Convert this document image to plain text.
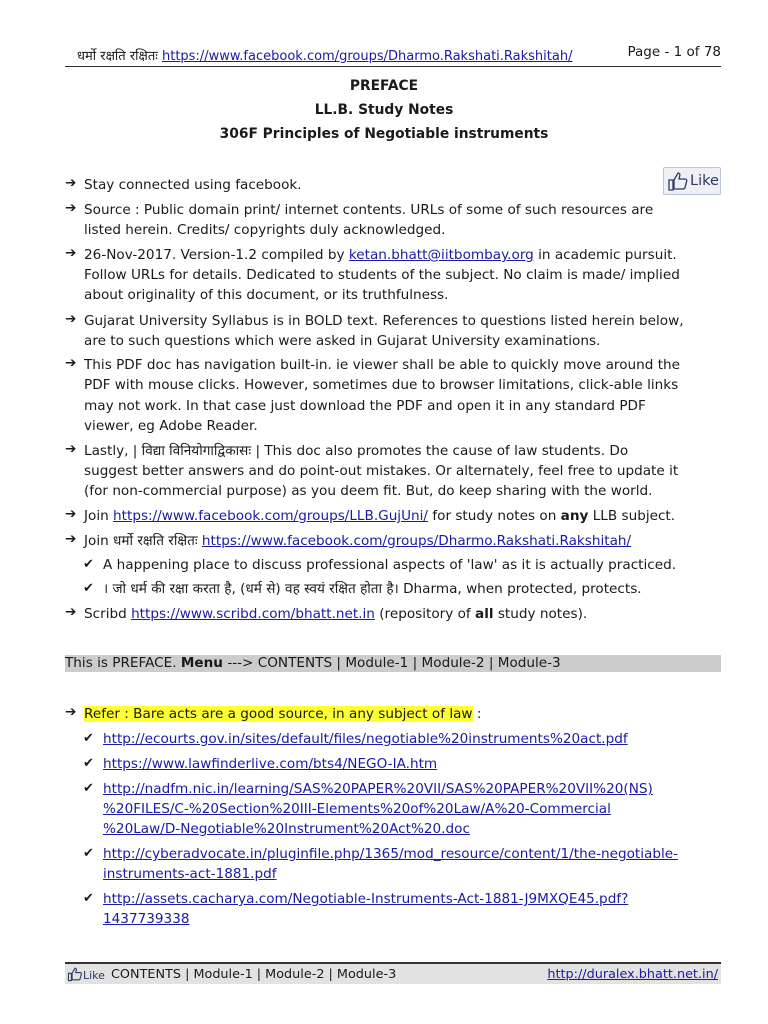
धर्मो रक्षति रक्षितः https://www.facebook.com/groups/Dharmo.Rakshati.Rakshitah/	Page - 1 of 78
PREFACE
LL.B. Study Notes
306F Principles of Negotiable instruments
Like
➔ Stay connected using facebook.
➔ Source : Public domain print/ internet contents. URLs of some of such resources are
listed herein. Credits/ copyrights duly acknowledged.
➔ 26-Nov-2017. Version-1.2 compiled by ketan.bhatt@iitbombay.org in academic pursuit.
Follow URLs for details. Dedicated to students of the subject. No claim is made/ implied
about originality of this document, or its truthfulness.
➔ Gujarat University Syllabus is in BOLD text. References to questions listed herein below,
are to such questions which were asked in Gujarat University examinations.
➔ This PDF doc has navigation built-in. ie viewer shall be able to quickly move around the
PDF with mouse clicks. However, sometimes due to browser limitations, click-able links
may not work. In that case just download the PDF and open it in any standard PDF
viewer, eg Adobe Reader.
➔ Lastly, | विद्या विनियोगाद्विकासः | This doc also promotes the cause of law students. Do
suggest better answers and do point-out mistakes. Or alternately, feel free to update it
(for non-commercial purpose) as you deem fit. But, do keep sharing with the world.
➔ Join https://www.facebook.com/groups/LLB.GujUni/ for study notes on any LLB subject.
➔ Join धर्मो रक्षति रक्षितः https://www.facebook.com/groups/Dharmo.Rakshati.Rakshitah/
✔ A happening place to discuss professional aspects of 'law' as it is actually practiced.
✔ । जो धर्म की रक्षा करता है, (धर्म से) वह स्वयं रक्षित होता है। Dharma, when protected, protects.
➔ Scribd https://www.scribd.com/bhatt.net.in (repository of all study notes).
This is PREFACE. Menu ---> CONTENTS | Module-1 | Module-2 | Module-3
➔ Refer : Bare acts are a good source, in any subject of law :
✔ http://ecourts.gov.in/sites/default/files/negotiable%20instruments%20act.pdf
✔ https://www.lawfinderlive.com/bts4/NEGO-IA.htm
✔ http://nadfm.nic.in/learning/SAS%20PAPER%20VII/SAS%20PAPER%20VII%20(NS)
%20FILES/C-%20Section%20III-Elements%20of%20Law/A%20-Commercial
%20Law/D-Negotiable%20Instrument%20Act%20.doc
✔ http://cyberadvocate.in/pluginfile.php/1365/mod_resource/content/1/the-negotiable-
instruments-act-1881.pdf
✔ http://assets.cacharya.com/Negotiable-Instruments-Act-1881-J9MXQE45.pdf?
1437739338
Like CONTENTS | Module-1 | Module-2 | Module-3	http://duralex.bhatt.net.in/
